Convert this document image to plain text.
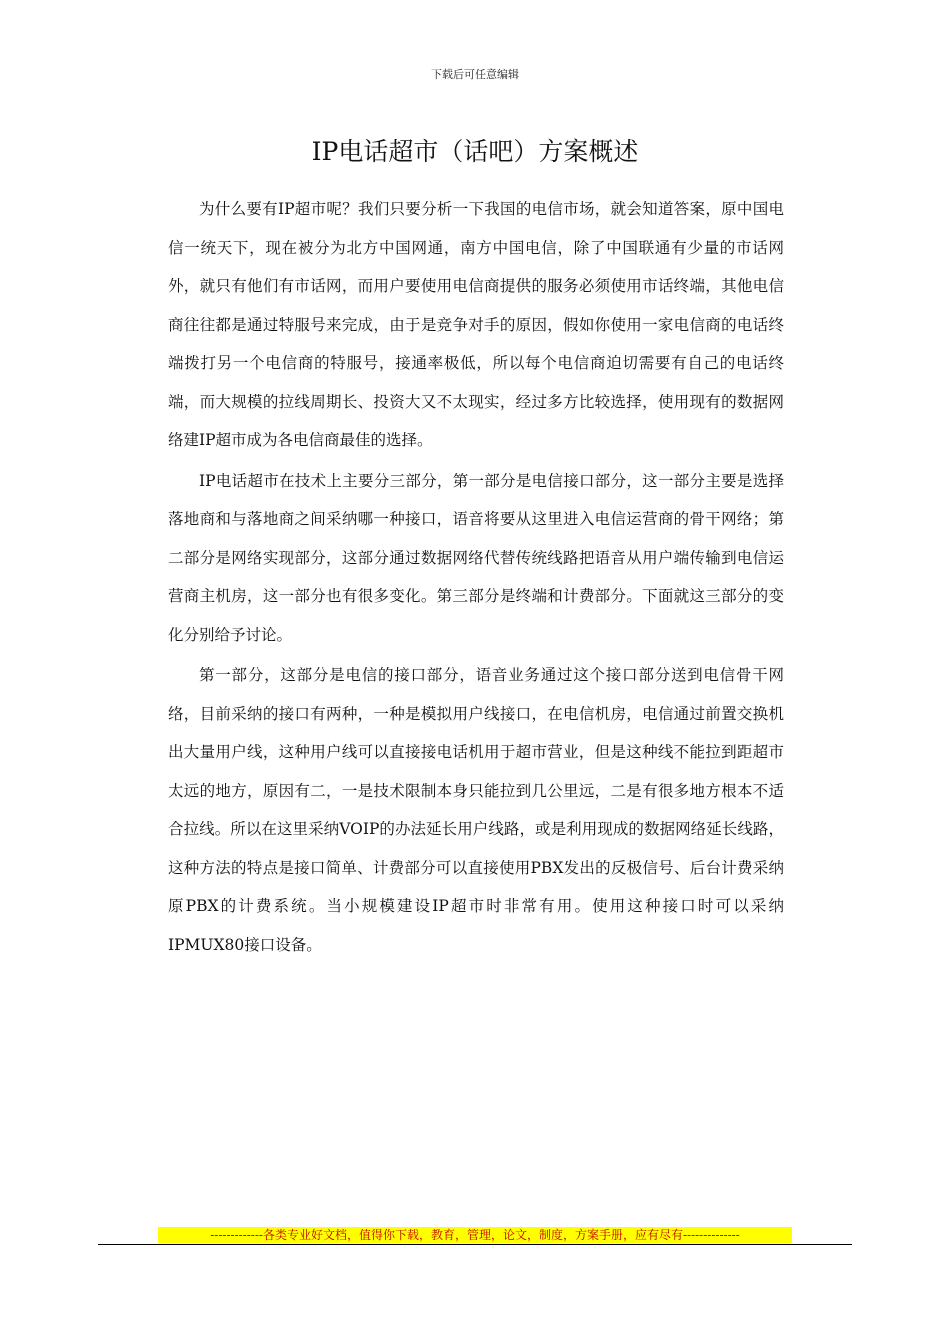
下载后可任意编辑
IP电话超市（话吧）方案概述

为什么要有IP超市呢？我们只要分析一下我国的电信市场，就会知道答案，原中国电信一统天下，现在被分为北方中国网通，南方中国电信，除了中国联通有少量的市话网外，就只有他们有市话网，而用户要使用电信商提供的服务必须使用市话终端，其他电信商往往都是通过特服号来完成，由于是竞争对手的原因，假如你使用一家电信商的电话终端拨打另一个电信商的特服号，接通率极低，所以每个电信商迫切需要有自己的电话终端，而大规模的拉线周期长、投资大又不太现实，经过多方比较选择，使用现有的数据网络建IP超市成为各电信商最佳的选择。

IP电话超市在技术上主要分三部分，第一部分是电信接口部分，这一部分主要是选择落地商和与落地商之间采纳哪一种接口，语音将要从这里进入电信运营商的骨干网络；第二部分是网络实现部分，这部分通过数据网络代替传统线路把语音从用户端传输到电信运营商主机房，这一部分也有很多变化。第三部分是终端和计费部分。下面就这三部分的变化分别给予讨论。

第一部分，这部分是电信的接口部分，语音业务通过这个接口部分送到电信骨干网络，目前采纳的接口有两种，一种是模拟用户线接口，在电信机房，电信通过前置交换机出大量用户线，这种用户线可以直接接电话机用于超市营业，但是这种线不能拉到距超市太远的地方，原因有二，一是技术限制本身只能拉到几公里远，二是有很多地方根本不适合拉线。所以在这里采纳VOIP的办法延长用户线路，或是利用现成的数据网络延长线路，这种方法的特点是接口简单、计费部分可以直接使用PBX发出的反极信号、后台计费采纳原PBX的计费系统。当小规模建设IP超市时非常有用。使用这种接口时可以采纳IPMUX80接口设备。

-------------各类专业好文档，值得你下载，教育，管理，论文，制度，方案手册，应有尽有--------------
